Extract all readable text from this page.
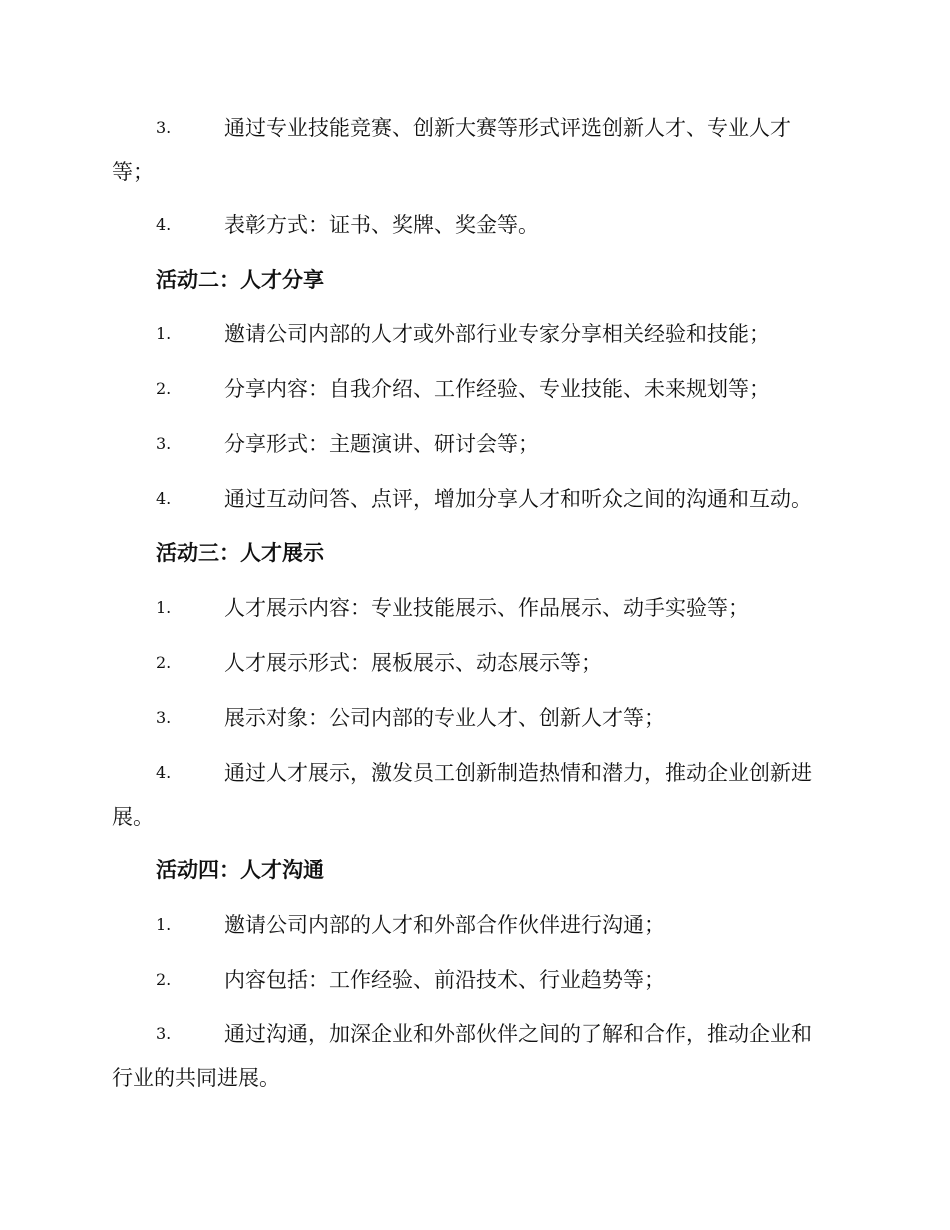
3.	通过专业技能竞赛、创新大赛等形式评选创新人才、专业人才
等；
4.	表彰方式：证书、奖牌、奖金等。
活动二：人才分享
1.	邀请公司内部的人才或外部行业专家分享相关经验和技能；
2.	分享内容：自我介绍、工作经验、专业技能、未来规划等；
3.	分享形式：主题演讲、研讨会等；
4.	通过互动问答、点评，增加分享人才和听众之间的沟通和互动。
活动三：人才展示
1.	人才展示内容：专业技能展示、作品展示、动手实验等；
2.	人才展示形式：展板展示、动态展示等；
3.	展示对象：公司内部的专业人才、创新人才等；
4.	通过人才展示，激发员工创新制造热情和潜力，推动企业创新进
展。
活动四：人才沟通
1.	邀请公司内部的人才和外部合作伙伴进行沟通；
2.	内容包括：工作经验、前沿技术、行业趋势等；
3.	通过沟通，加深企业和外部伙伴之间的了解和合作，推动企业和
行业的共同进展。
